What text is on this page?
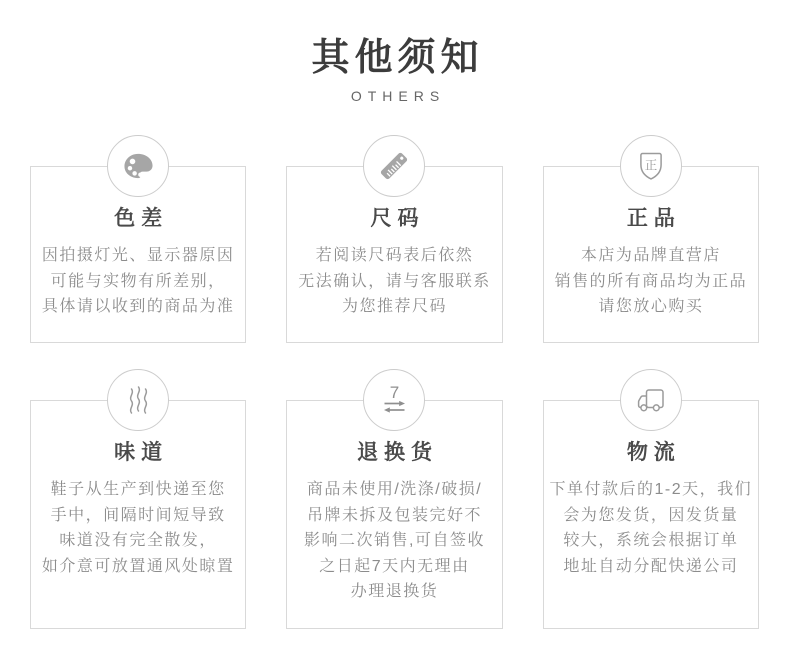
其他须知
OTHERS
色差
因拍摄灯光、显示器原因
可能与实物有所差别，
具体请以收到的商品为准
尺码
若阅读尺码表后依然
无法确认，请与客服联系
为您推荐尺码
正
正品
本店为品牌直营店
销售的所有商品均为正品
请您放心购买
味道
鞋子从生产到快递至您
手中，间隔时间短导致
味道没有完全散发，
如介意可放置通风处晾置
7
退换货
商品未使用/洗涤/破损/
吊牌未拆及包装完好不
影响二次销售,可自签收
之日起7天内无理由
办理退换货
物流
下单付款后的1-2天，我们
会为您发货，因发货量
较大，系统会根据订单
地址自动分配快递公司
